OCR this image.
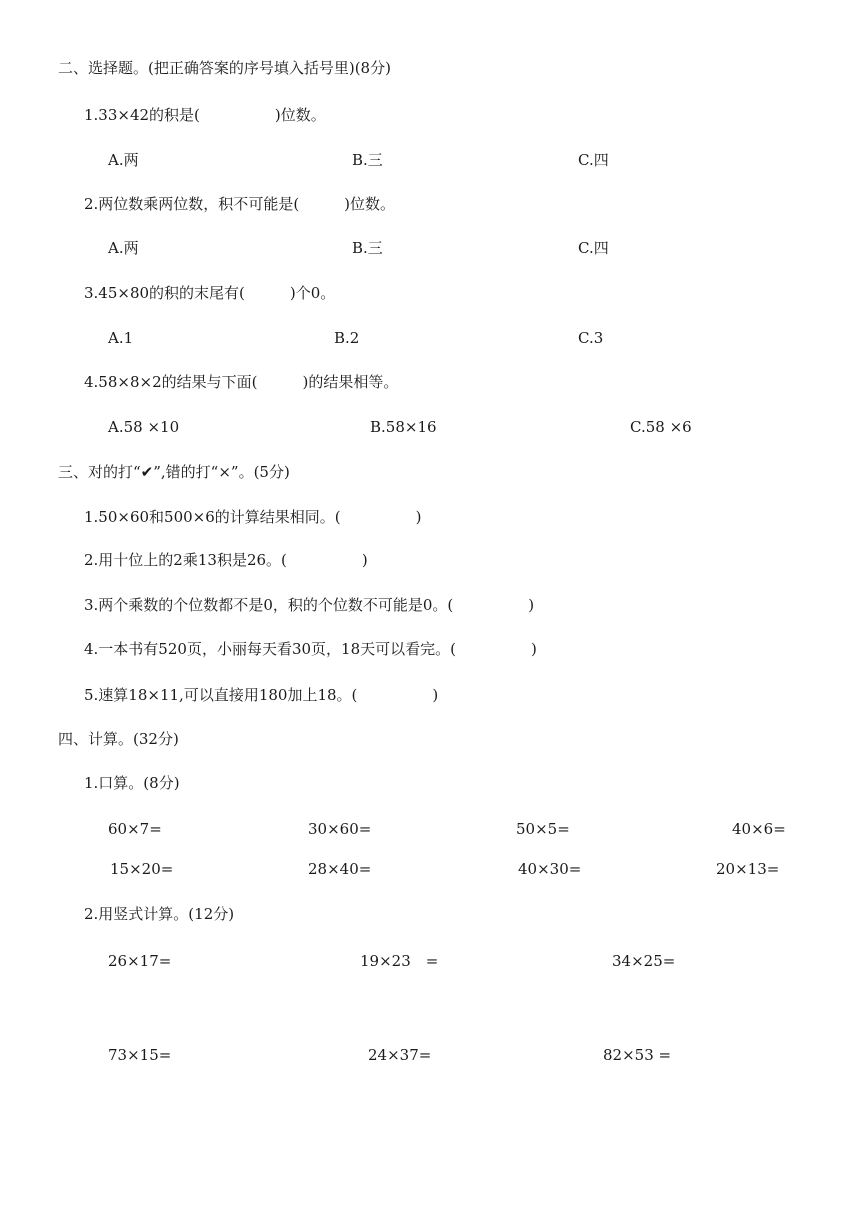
二、选择题。(把正确答案的序号填入括号里)(8分)
1.33×42的积是(　　　　　)位数。
A.两	B.三	C.四
2.两位数乘两位数，积不可能是(　　　)位数。
A.两	B.三	C.四
3.45×80的积的末尾有(　　　)个0。
A.1	B.2	C.3
4.58×8×2的结果与下面(　　　)的结果相等。
A.58 ×10	B.58×16	C.58 ×6
三、对的打“✔”,错的打“×”。(5分)
1.50×60和500×6的计算结果相同。(　　　　　)
2.用十位上的2乘13积是26。(　　　　　)
3.两个乘数的个位数都不是0，积的个位数不可能是0。(　　　　　)
4.一本书有520页，小丽每天看30页，18天可以看完。(　　　　　)
5.速算18×11,可以直接用180加上18。(　　　　　)
四、计算。(32分)
1.口算。(8分)
60×7=	30×60=	50×5=	40×6=
15×20=	28×40=	40×30=	20×13=
2.用竖式计算。(12分)
26×17=	19×23　=	34×25=
73×15=	24×37=	82×53 =
